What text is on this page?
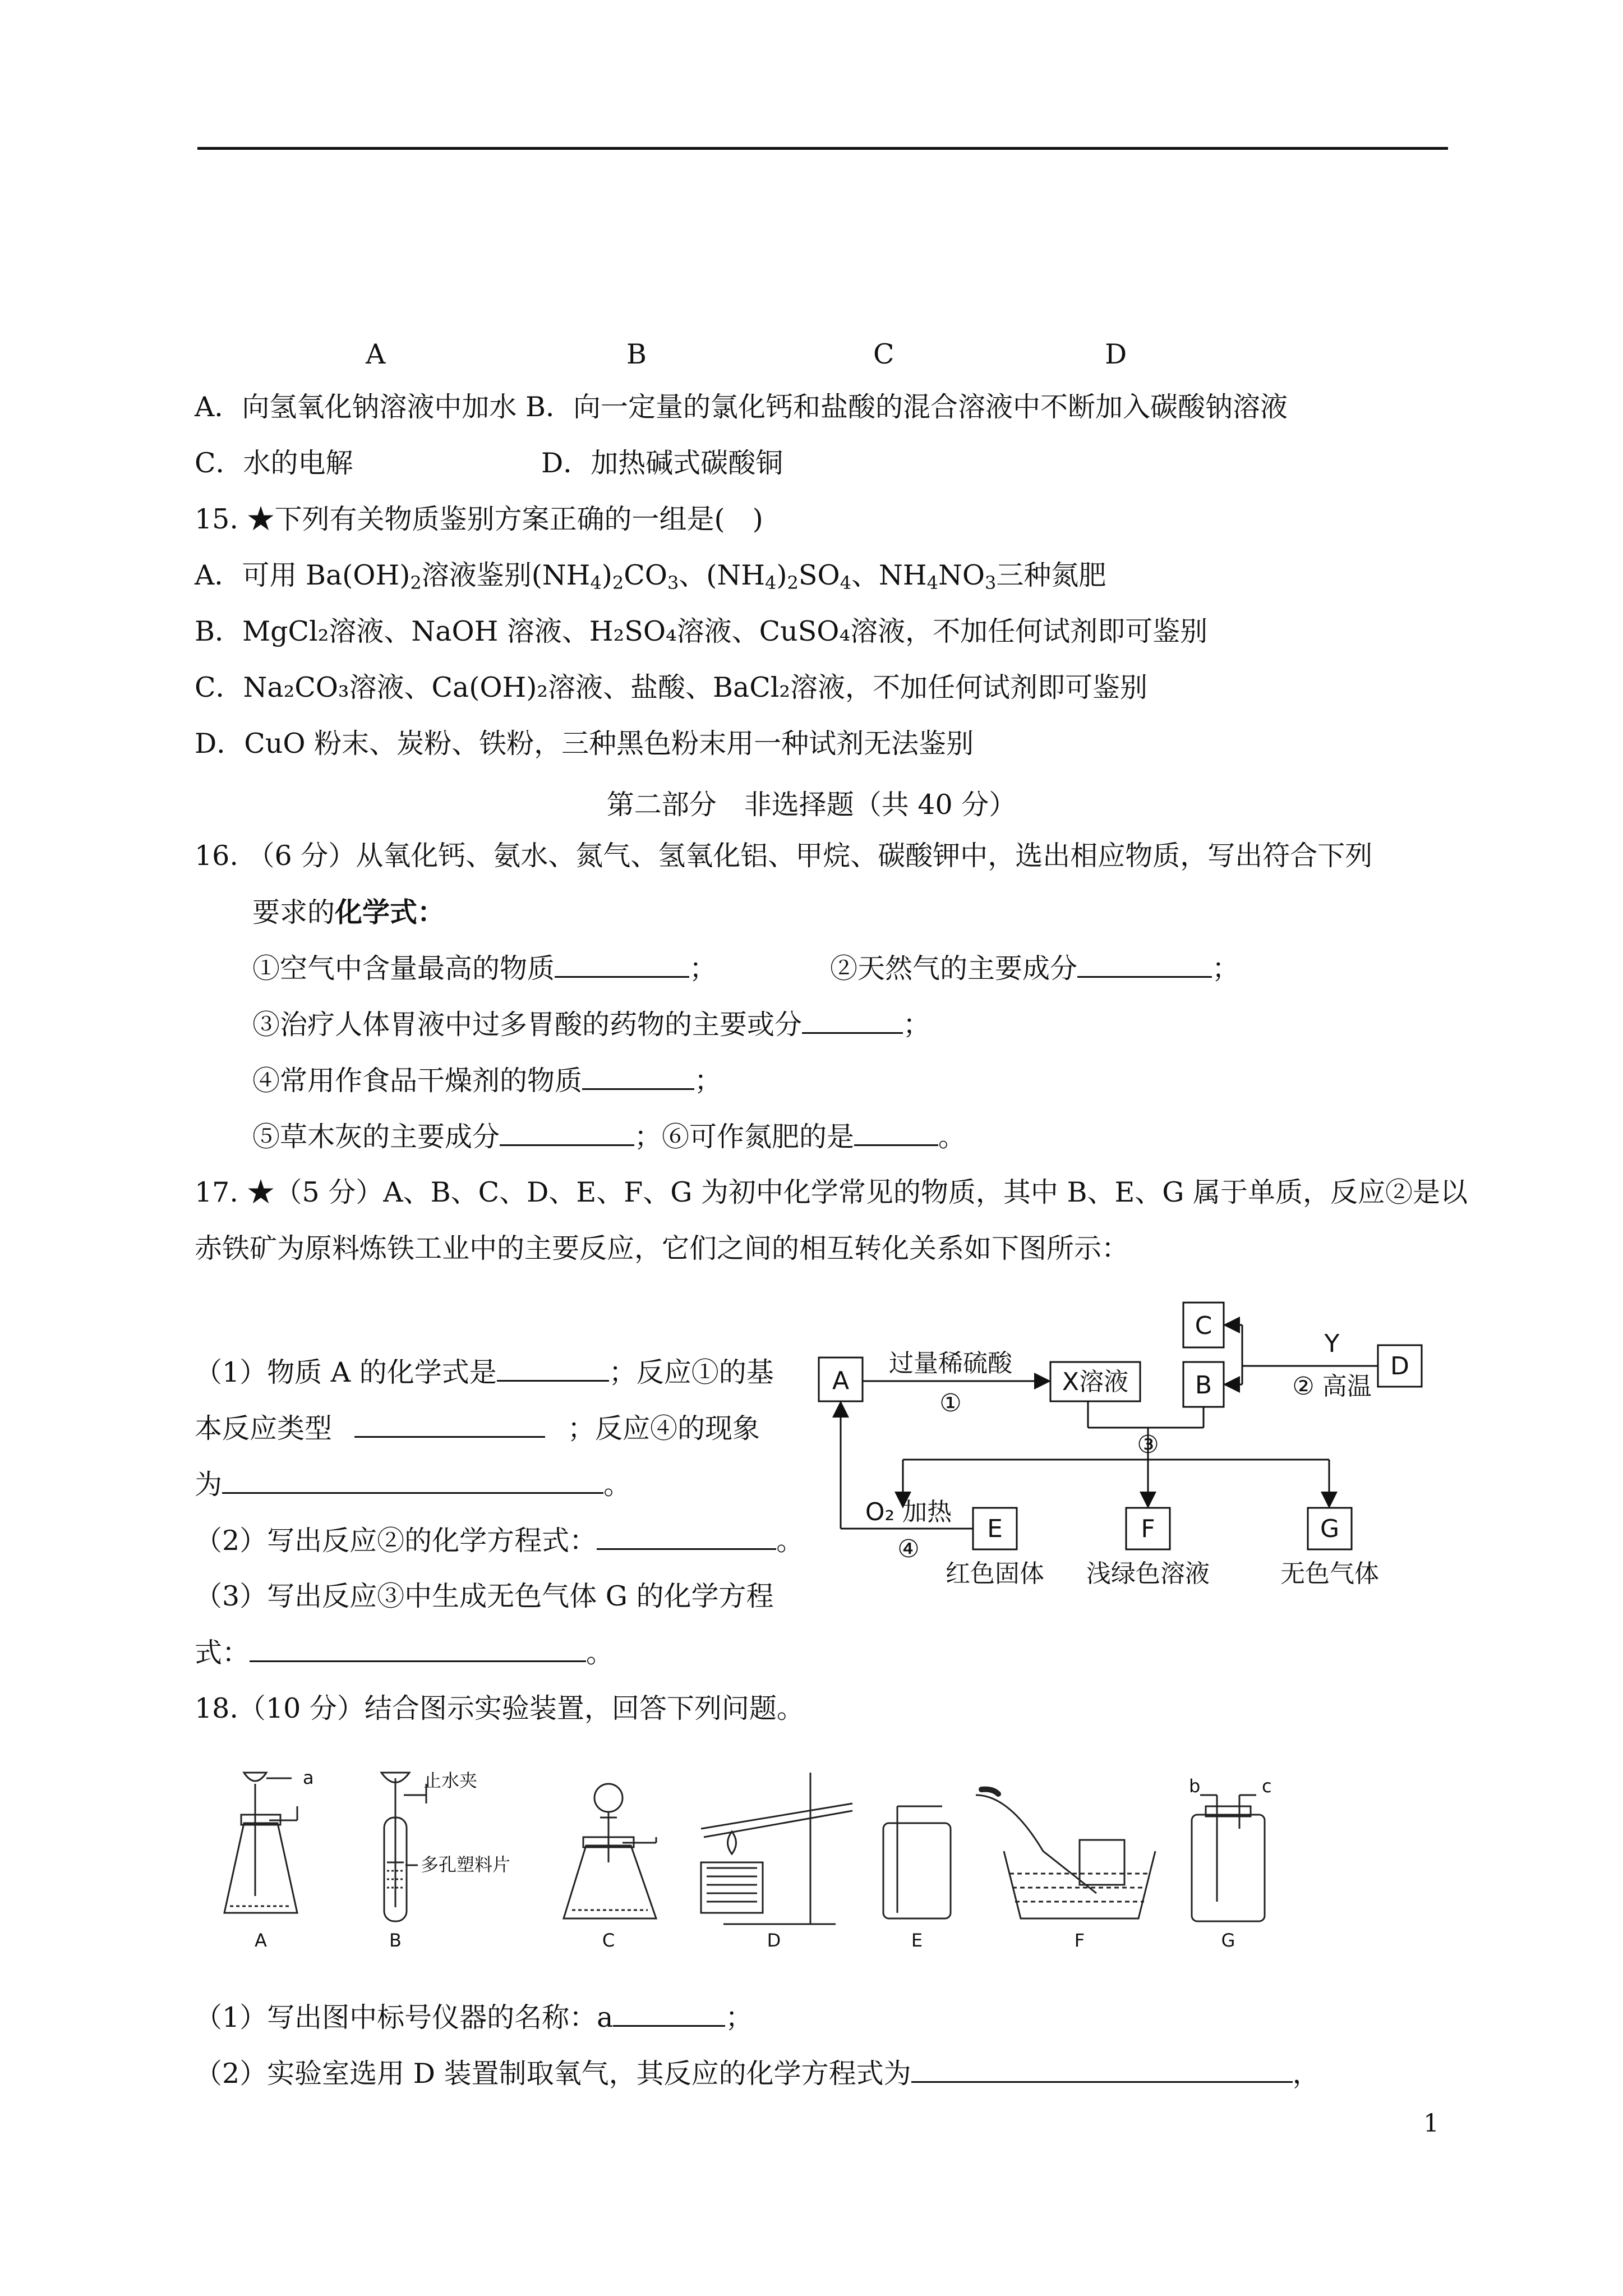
A	B	C	D
A．向氢氧化钠溶液中加水 B．向一定量的氯化钙和盐酸的混合溶液中不断加入碳酸钠溶液
C．水的电解	D．加热碱式碳酸铜
15. ★下列有关物质鉴别方案正确的一组是(　)
A．可用 $Ba(OH)_2$溶液鉴别$(NH_4)_2CO_3$、$(NH_4)_2SO_4$、$NH_4NO_3$三种氮肥
B．MgCl₂溶液、NaOH 溶液、H₂SO₄溶液、CuSO₄溶液，不加任何试剂即可鉴别
C．Na₂CO₃溶液、Ca(OH)₂溶液、盐酸、BaCl₂溶液，不加任何试剂即可鉴别
D．CuO 粉末、炭粉、铁粉，三种黑色粉末用一种试剂无法鉴别
第二部分　非选择题（共 40 分）
16. （6 分）从氧化钙、氨水、氮气、氢氧化铝、甲烷、碳酸钾中，选出相应物质，写出符合下列
要求的化学式：
①空气中含量最高的物质	；	②天然气的主要成分	；
③治疗人体胃液中过多胃酸的药物的主要或分	；
④常用作食品干燥剂的物质	；
⑤草木灰的主要成分	；⑥可作氮肥的是	。
17. ★（5 分）A、B、C、D、E、F、G 为初中化学常见的物质，其中 B、E、G 属于单质，反应②是以
赤铁矿为原料炼铁工业中的主要反应，它们之间的相互转化关系如下图所示：
（1）物质 A 的化学式是	；反应①的基
本反应类型	；反应④的现象
为	。
（2）写出反应②的化学方程式：	。
（3）写出反应③中生成无色气体 G 的化学方程
式：	。
A	X溶液
C
B
D
E	F	G
过量稀硫酸
①
Y
② 高温
③
O₂ 加热
④
红色固体 浅绿色溶液	无色气体
18.（10 分）结合图示实验装置，回答下列问题。
a	止水夹
多孔塑料片
b	c
A	B	C	D	E	F	G
（1）写出图中标号仪器的名称：a	；
（2）实验室选用 D 装置制取氧气，其反应的化学方程式为	，
1
